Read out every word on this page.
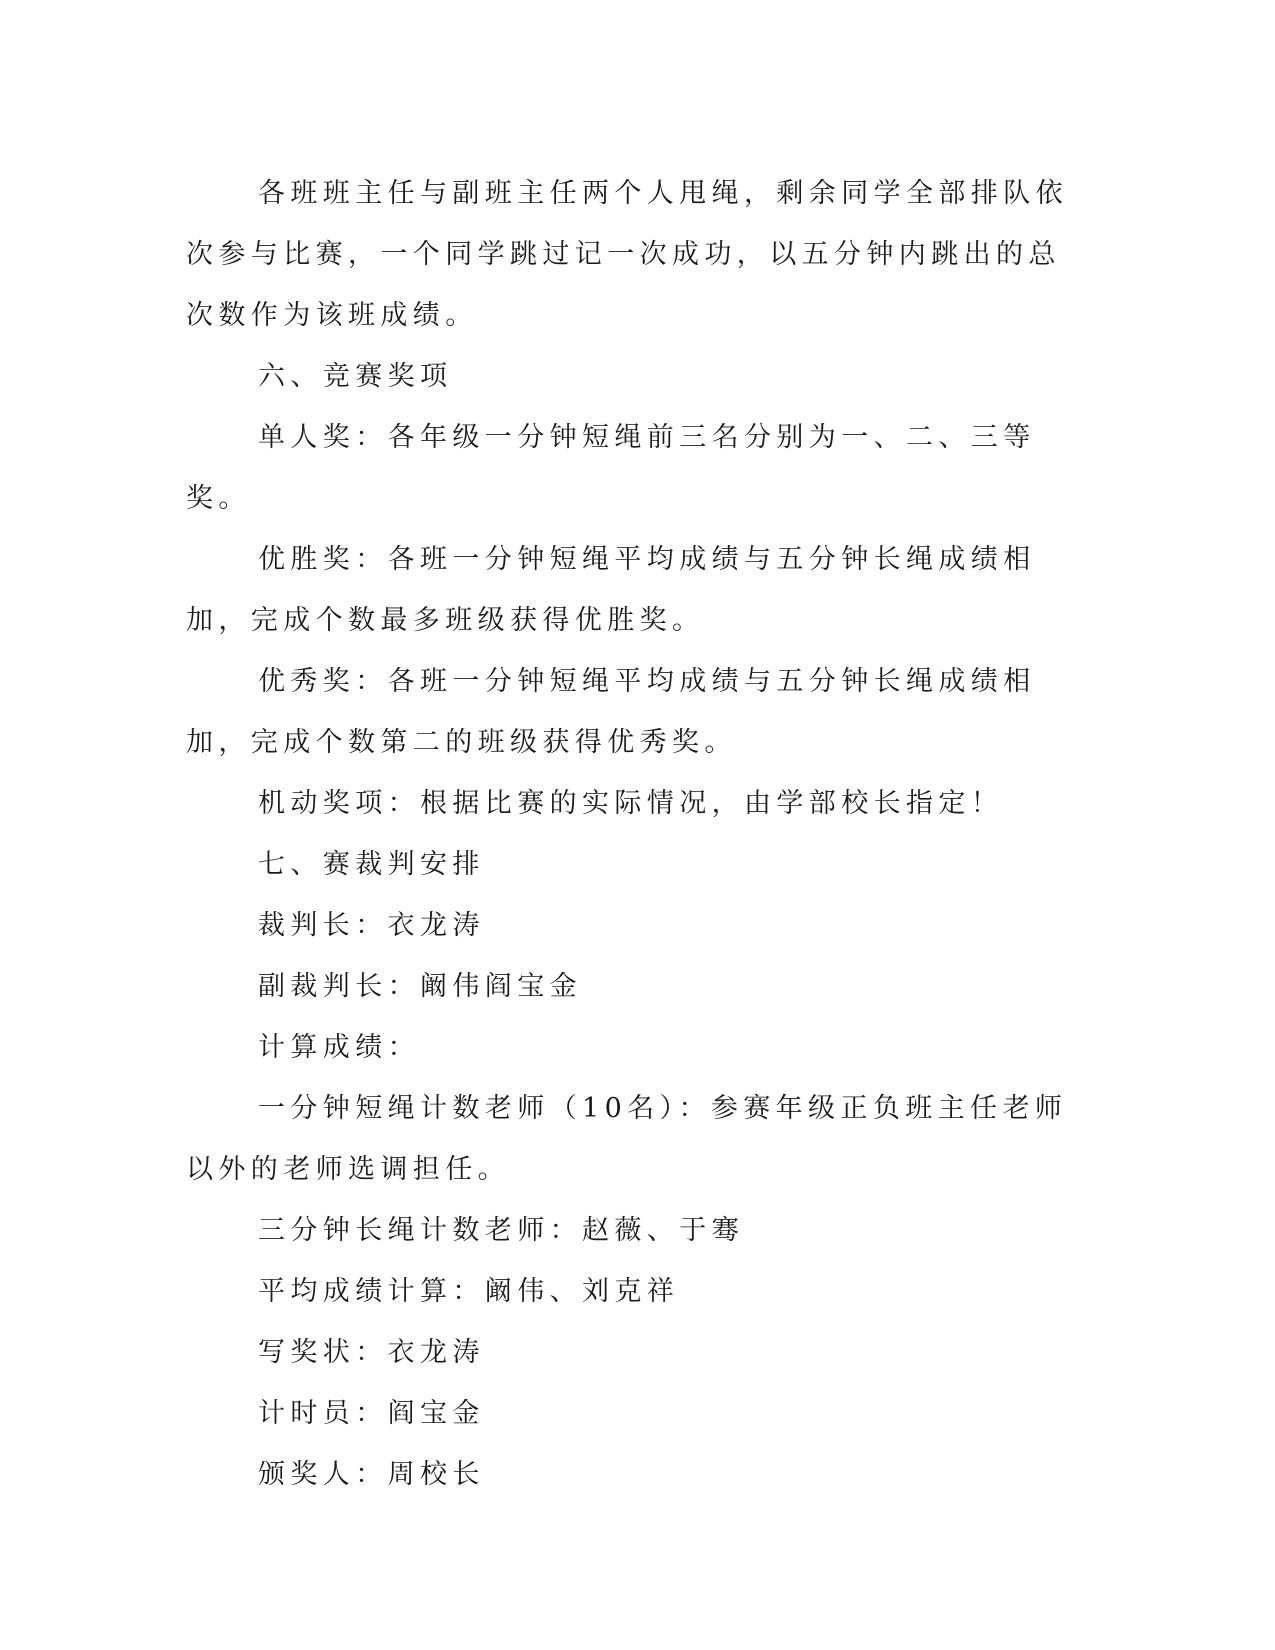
各班班主任与副班主任两个人甩绳，剩余同学全部排队依次参与比赛，一个同学跳过记一次成功，以五分钟内跳出的总次数作为该班成绩。

六、竞赛奖项

单人奖：各年级一分钟短绳前三名分别为一、二、三等奖。

优胜奖：各班一分钟短绳平均成绩与五分钟长绳成绩相加，完成个数最多班级获得优胜奖。

优秀奖：各班一分钟短绳平均成绩与五分钟长绳成绩相加，完成个数第二的班级获得优秀奖。

机动奖项：根据比赛的实际情况，由学部校长指定！

七、赛裁判安排

裁判长：衣龙涛

副裁判长：阚伟阎宝金

计算成绩：

一分钟短绳计数老师（10名）：参赛年级正负班主任老师以外的老师选调担任。

三分钟长绳计数老师：赵薇、于骞

平均成绩计算：阚伟、刘克祥

写奖状：衣龙涛

计时员：阎宝金

颁奖人：周校长
